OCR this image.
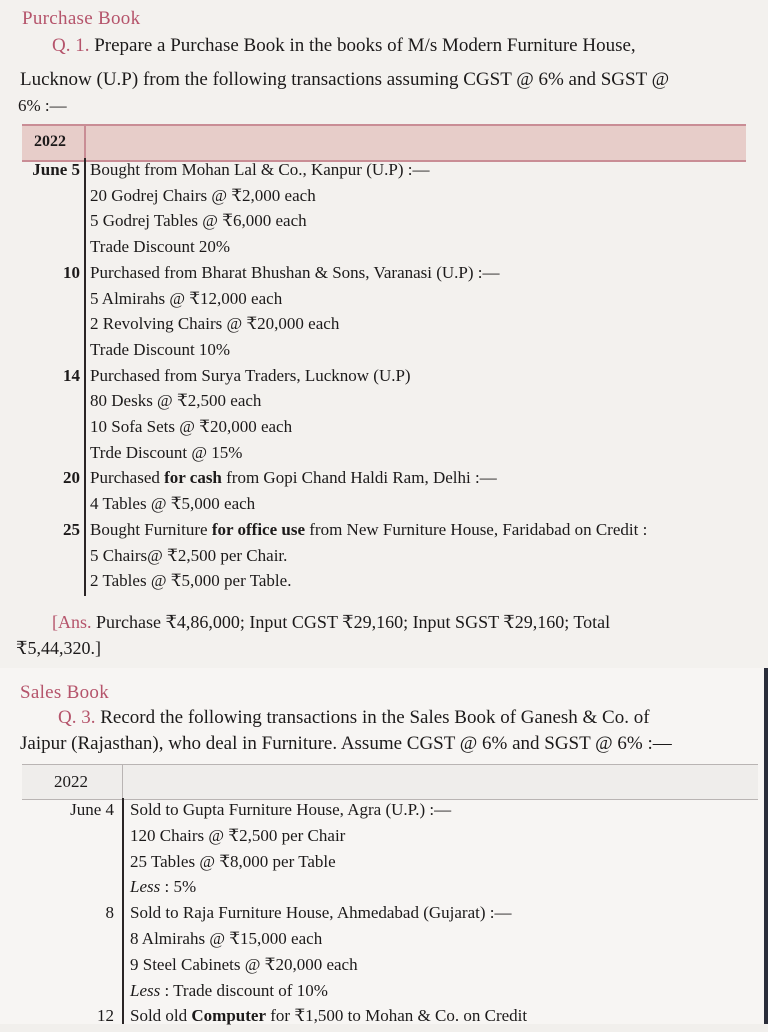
Purchase Book
Q. 1. Prepare a Purchase Book in the books of M/s Modern Furniture House,
Lucknow (U.P) from the following transactions assuming CGST @ 6% and SGST @
6% :—
2022
June 5 Bought from Mohan Lal & Co., Kanpur (U.P) :—
20 Godrej Chairs @ ₹2,000 each
5 Godrej Tables @ ₹6,000 each
Trade Discount 20%
10 Purchased from Bharat Bhushan & Sons, Varanasi (U.P) :—
5 Almirahs @ ₹12,000 each
2 Revolving Chairs @ ₹20,000 each
Trade Discount 10%
14 Purchased from Surya Traders, Lucknow (U.P)
80 Desks @ ₹2,500 each
10 Sofa Sets @ ₹20,000 each
Trde Discount @ 15%
20 Purchased for cash from Gopi Chand Haldi Ram, Delhi :—
4 Tables @ ₹5,000 each
25 Bought Furniture for office use from New Furniture House, Faridabad on Credit :
5 Chairs@ ₹2,500 per Chair.
2 Tables @ ₹5,000 per Table.
[Ans. Purchase ₹4,86,000; Input CGST ₹29,160; Input SGST ₹29,160; Total
₹5,44,320.]
Sales Book
Q. 3. Record the following transactions in the Sales Book of Ganesh & Co. of
Jaipur (Rajasthan), who deal in Furniture. Assume CGST @ 6% and SGST @ 6% :—
2022
June 4 Sold to Gupta Furniture House, Agra (U.P.) :—
120 Chairs @ ₹2,500 per Chair
25 Tables @ ₹8,000 per Table
Less : 5%
8 Sold to Raja Furniture House, Ahmedabad (Gujarat) :—
8 Almirahs @ ₹15,000 each
9 Steel Cabinets @ ₹20,000 each
Less : Trade discount of 10%
12 Sold old Computer for ₹1,500 to Mohan & Co. on Credit
